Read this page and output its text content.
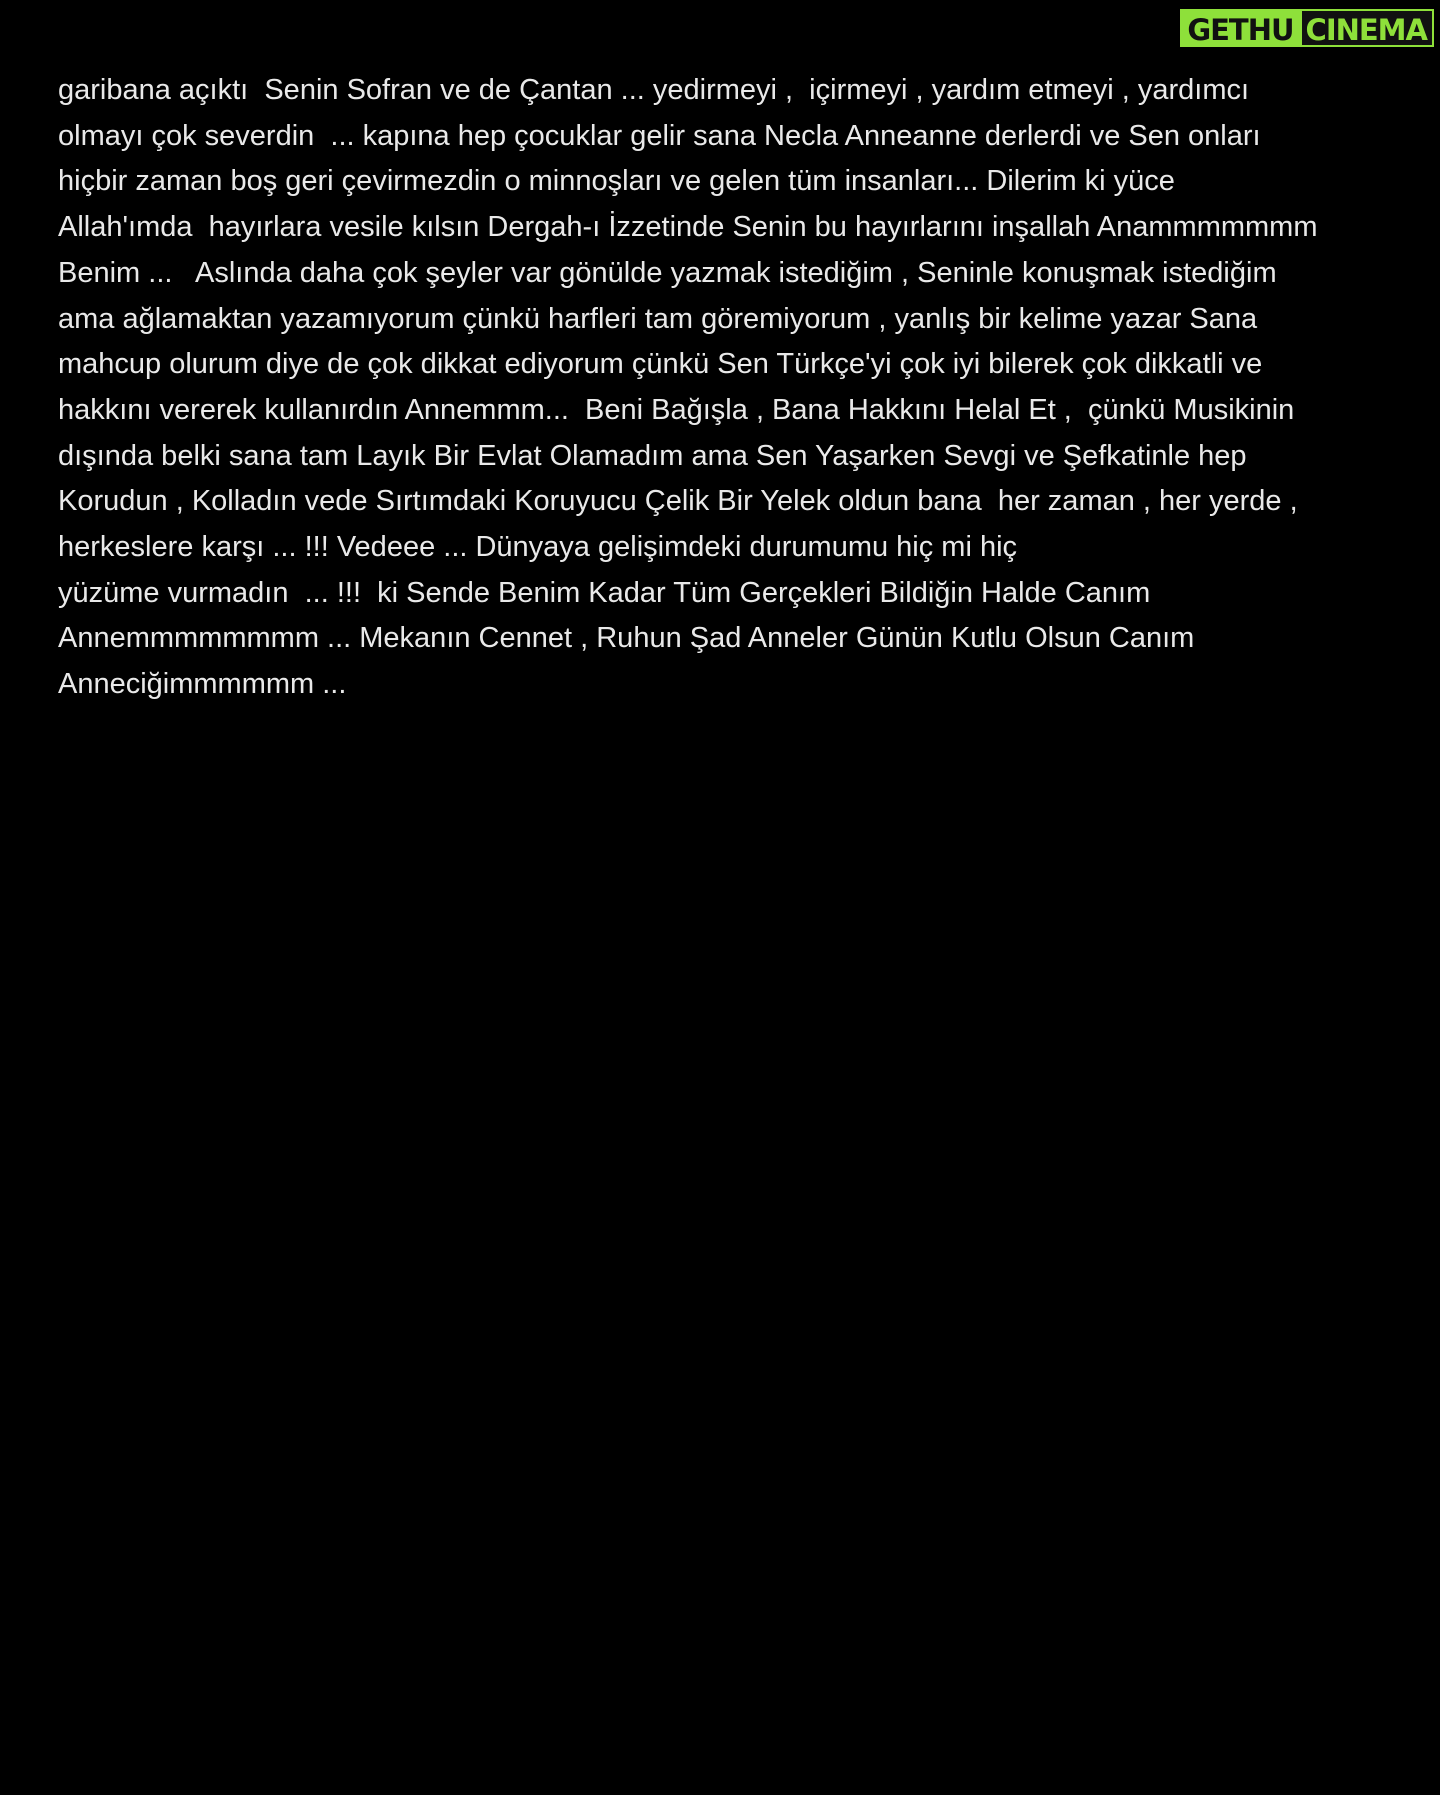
GETHU CINEMA
garibana açıktı  Senin Sofran ve de Çantan ... yedirmeyi ,  içirmeyi , yardım etmeyi , yardımcı
olmayı çok severdin  ... kapına hep çocuklar gelir sana Necla Anneanne derlerdi ve Sen onları
hiçbir zaman boş geri çevirmezdin o minnoşları ve gelen tüm insanları... Dilerim ki yüce
Allah'ımda  hayırlara vesile kılsın Dergah-ı İzzetinde Senin bu hayırlarını inşallah Anammmmmmm
Benim ...   Aslında daha çok şeyler var gönülde yazmak istediğim , Seninle konuşmak istediğim
ama ağlamaktan yazamıyorum çünkü harfleri tam göremiyorum , yanlış bir kelime yazar Sana
mahcup olurum diye de çok dikkat ediyorum çünkü Sen Türkçe'yi çok iyi bilerek çok dikkatli ve
hakkını vererek kullanırdın Annemmm...  Beni Bağışla , Bana Hakkını Helal Et ,  çünkü Musikinin
dışında belki sana tam Layık Bir Evlat Olamadım ama Sen Yaşarken Sevgi ve Şefkatinle hep
Korudun , Kolladın vede Sırtımdaki Koruyucu Çelik Bir Yelek oldun bana  her zaman , her yerde ,
herkeslere karşı ... !!! Vedeee ... Dünyaya gelişimdeki durumumu hiç mi hiç
yüzüme vurmadın  ... !!!  ki Sende Benim Kadar Tüm Gerçekleri Bildiğin Halde Canım
Annemmmmmmmm ... Mekanın Cennet , Ruhun Şad Anneler Günün Kutlu Olsun Canım
Anneciğimmmmmm ...
